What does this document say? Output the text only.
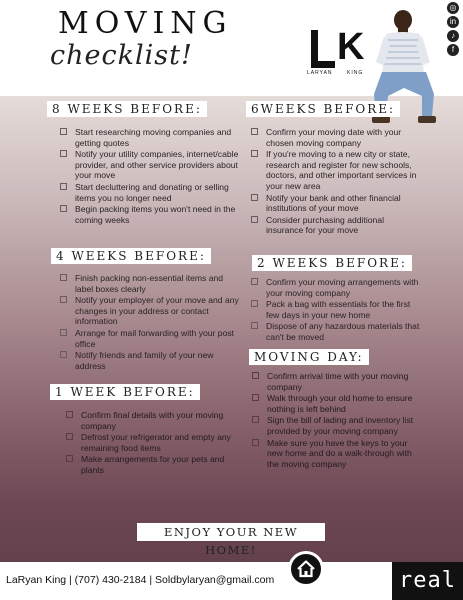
MOVING
checklist!	K
LARYAN	KING
◎
in
♪
f
8 WEEKS BEFORE:
Start researching moving companies and getting quotes
Notify your utility companies, internet/cable provider, and other service providers about your move
Start decluttering and donating or selling items you no longer need
Begin packing items you won't need in the coming weeks
6WEEKS BEFORE:
Confirm your moving date with your chosen moving company
If you're moving to a new city or state, research and register for new schools, doctors, and other important services in your new area
Notify your bank and other financial institutions of your move
Consider purchasing additional insurance for your move
4 WEEKS BEFORE:
Finish packing non-essential items and label boxes clearly
Notify your employer of your move and any changes in your address or contact information
Arrange for mail forwarding with your post office
Notify friends and family of your new address
2 WEEKS BEFORE:
Confirm your moving arrangements with your moving company
Pack a bag with essentials for the first few days in your new home
Dispose of any hazardous materials that can't be moved
1 WEEK BEFORE:
Confirm final details with your moving company
Defrost your refrigerator and empty any remaining food items
Make arrangements for your pets and plants
MOVING DAY:
Confirm arrival time with your moving company
Walk through your old home to ensure nothing is left behind
Sign the bill of lading and inventory list provided by your moving company
Make sure you have the keys to your new home and do a walk-through with the moving company
ENJOY YOUR NEW HOME!
LaRyan King | (707) 430-2184 | Soldbylaryan@gmail.com	real
